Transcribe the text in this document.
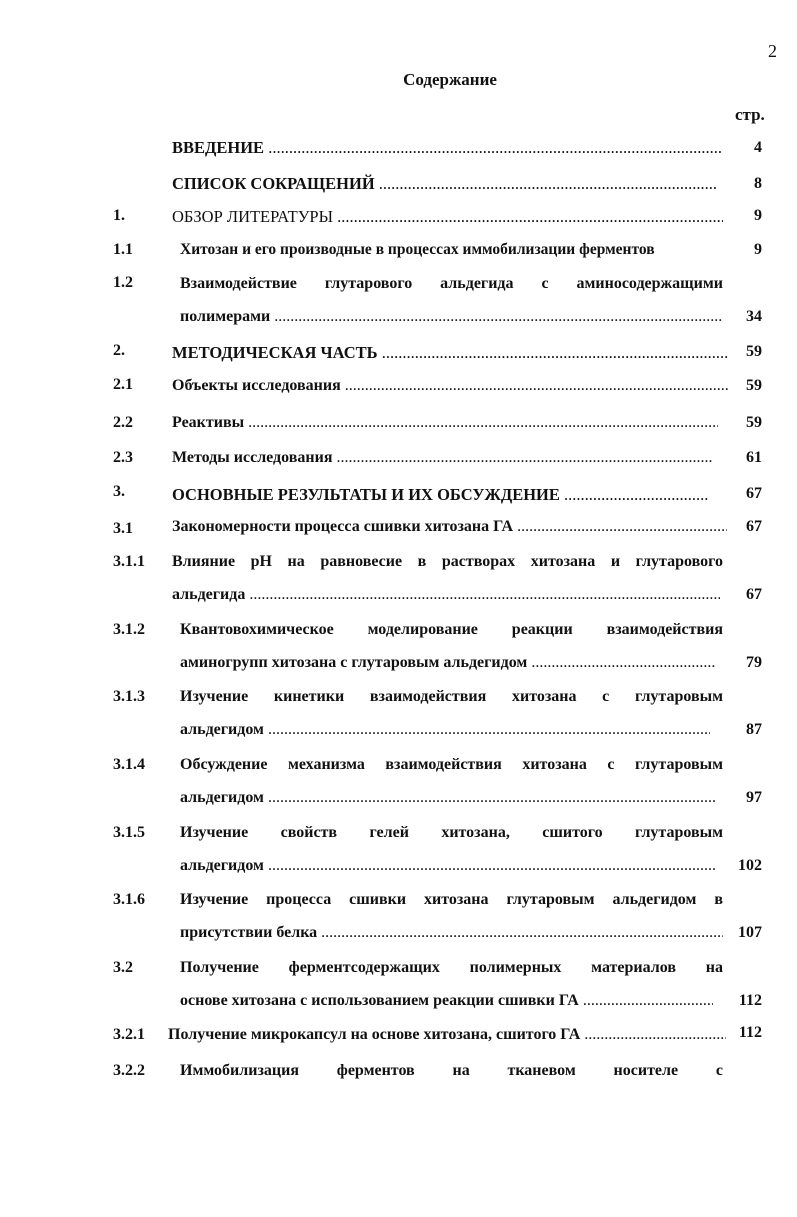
2
Содержание
стр.
ВВЕДЕНИЕ .....	4
СПИСОК СОКРАЩЕНИЙ .....	8
1.	ОБЗОР ЛИТЕРАТУРЫ .....	9
1.1	Хитозан и его производные в процессах иммобилизации ферментов	9
1.2	Взаимодействие глутарового альдегида с аминосодержащими
полимерами .....	34
2.	МЕТОДИЧЕСКАЯ ЧАСТЬ .....	59
2.1 Объекты исследования .....	59
2.2 Реактивы .....	59
2.3 Методы исследования .....	61
3.	ОСНОВНЫЕ РЕЗУЛЬТАТЫ И ИХ ОБСУЖДЕНИЕ .....	67
3.1 Закономерности процесса сшивки хитозана ГА .....	67
3.1.1 Влияние рН на равновесие в растворах хитозана и глутарового
альдегида .....	67
3.1.2 Квантовохимическое моделирование реакции взаимодействия
аминогрупп хитозана с глутаровым альдегидом .....	79
3.1.3 Изучение кинетики взаимодействия хитозана с глутаровым
альдегидом .....	87
3.1.4 Обсуждение механизма взаимодействия хитозана с глутаровым
альдегидом .....	97
3.1.5 Изучение свойств гелей хитозана, сшитого глутаровым
альдегидом .....	102
3.1.6 Изучение процесса сшивки хитозана глутаровым альдегидом в
присутствии белка .....	107
3.2	Получение ферментсодержащих полимерных материалов на
основе хитозана с использованием реакции сшивки ГА .....	112
3.2.1 Получение микрокапсул на основе хитозана, сшитого ГА .....	112
3.2.2 Иммобилизация ферментов на тканевом носителе с
